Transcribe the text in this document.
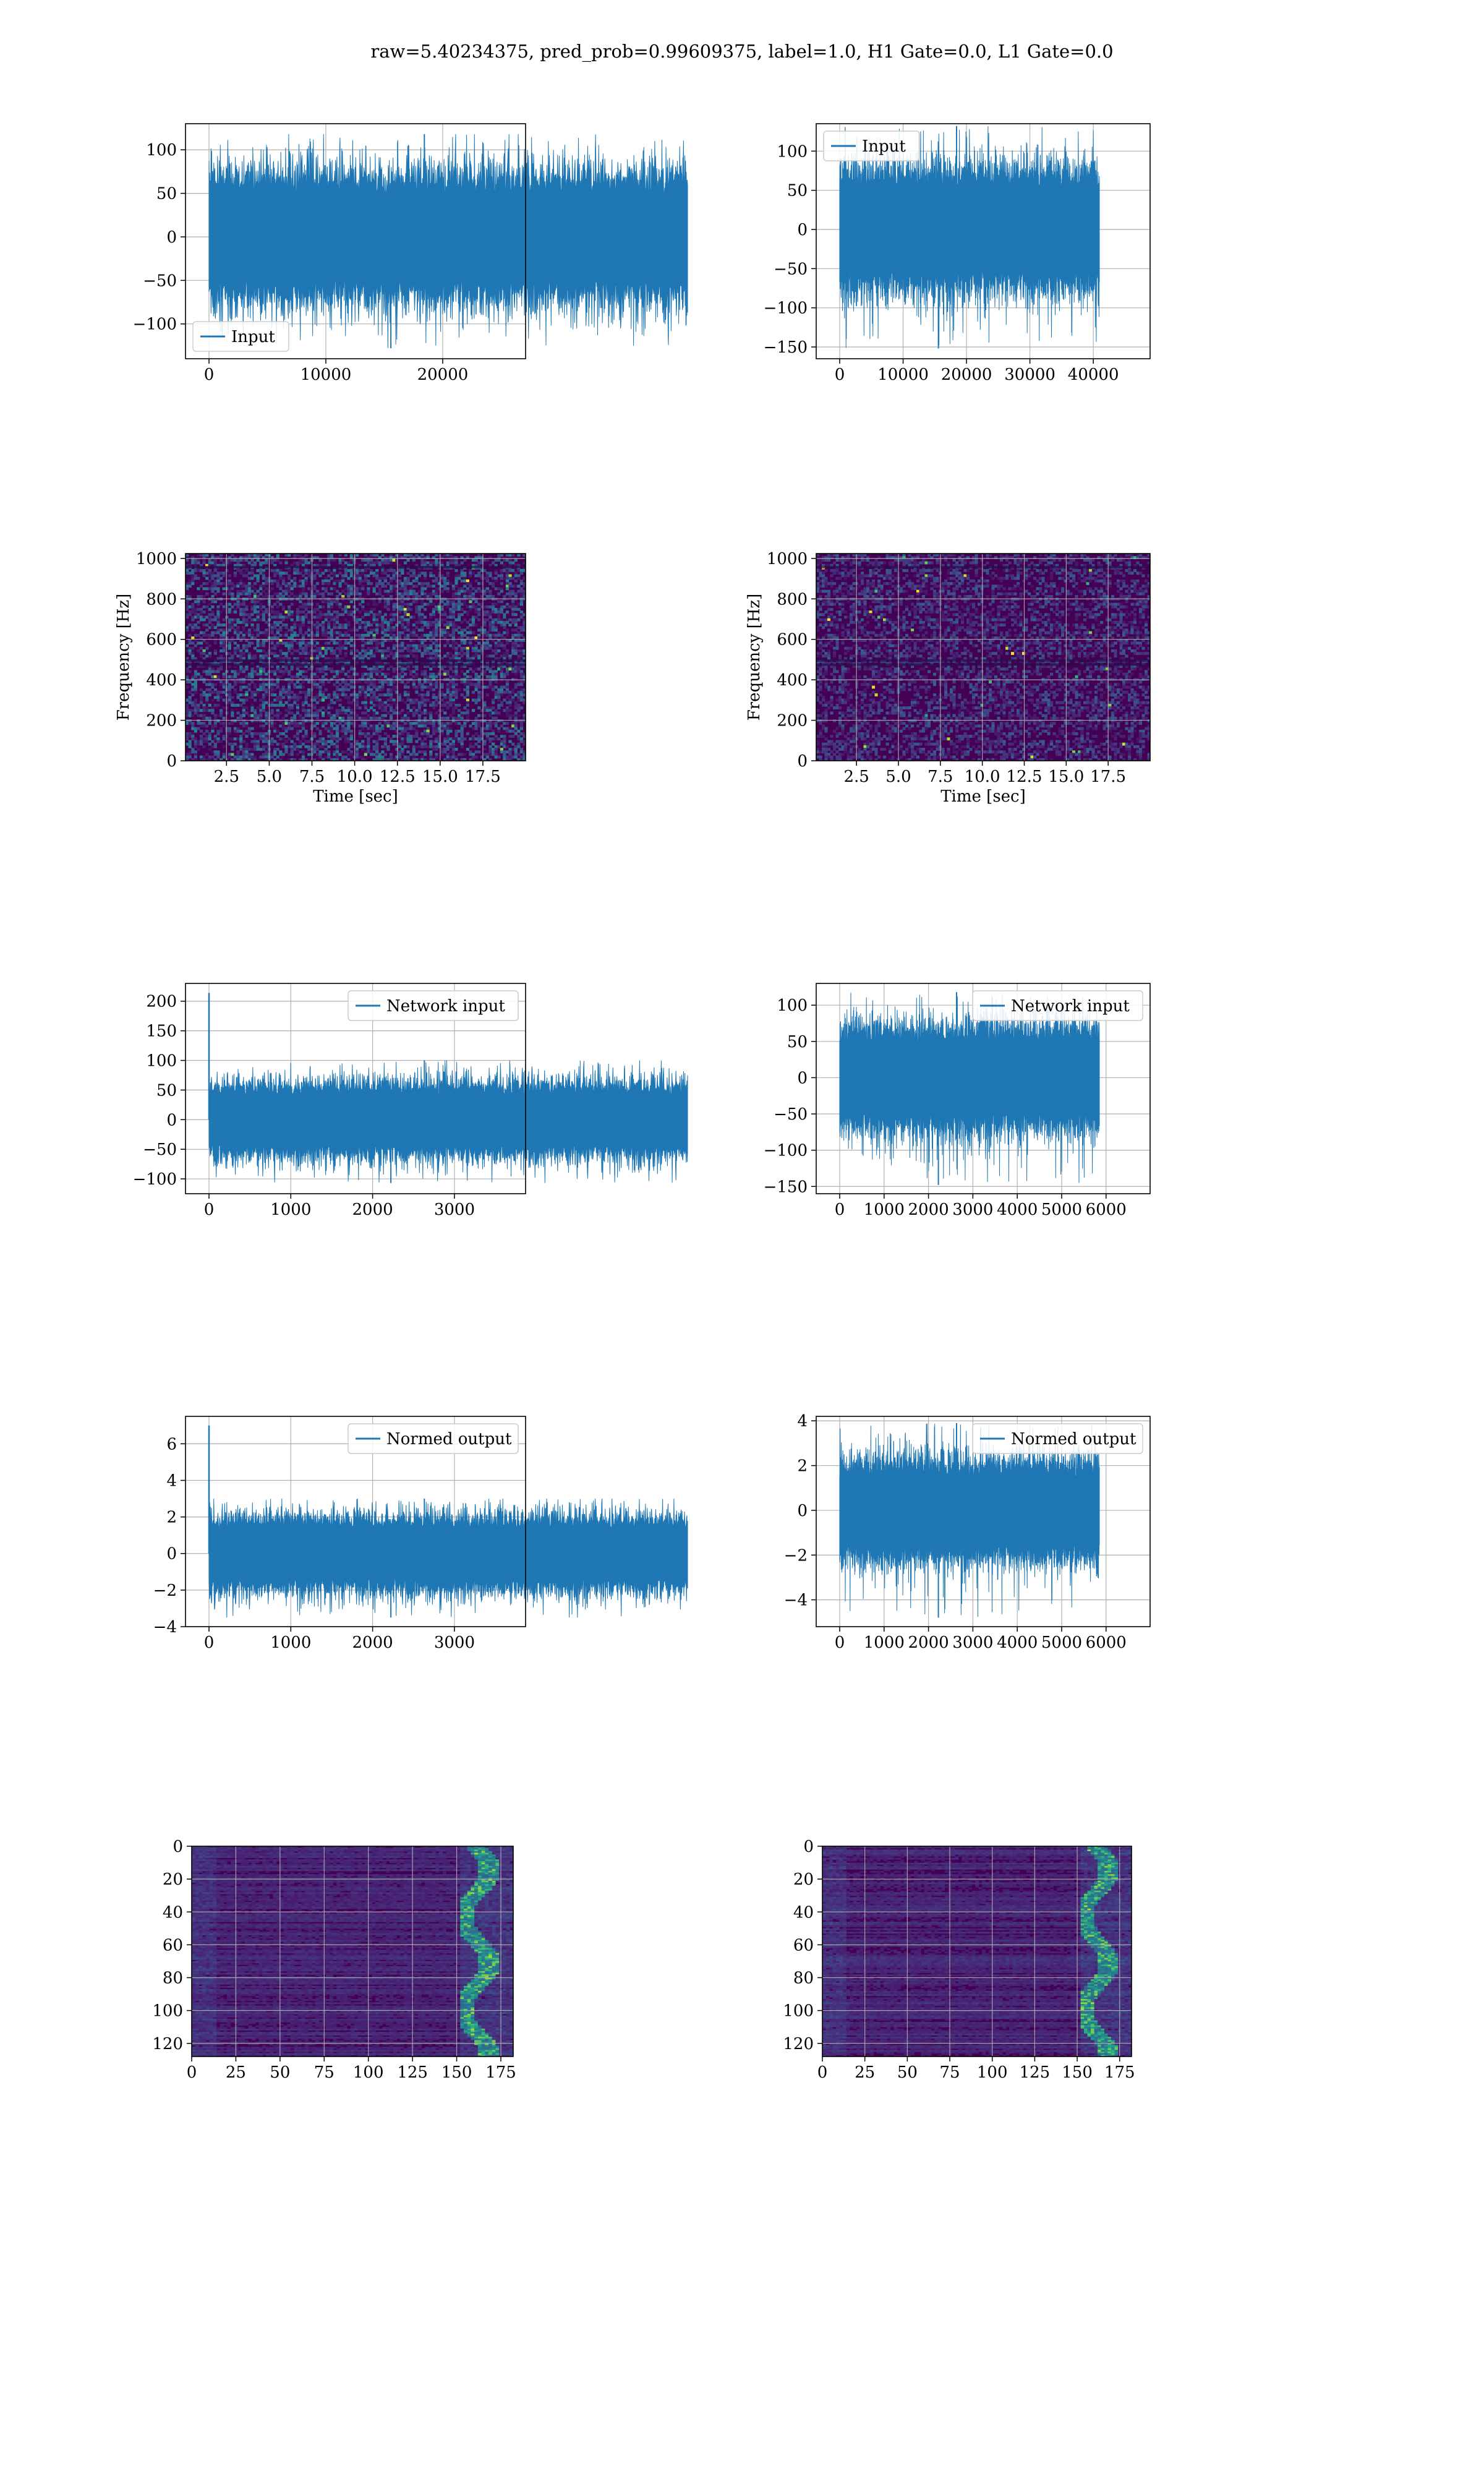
raw=5.40234375, pred_prob=0.99609375, label=1.0, H1 Gate=0.0, L1 Gate=0.0
0	10000	20000
−100
−50
0
50
100
Input
0 10000 20000 30000 40000
−150
−100
−50
0
50
100	Input
2.5 5.0 7.5 10.0 12.5 15.0 17.5
0
200
400
600
800
1000
Time [sec]
Frequency [Hz]
2.5 5.0 7.5 10.0 12.5 15.0 17.5
0
200
400
600
800
1000
Time [sec]
Frequency [Hz]
0	1000	2000	3000
−100
−50
0
50
100
150
200	Network input
0 1000 2000 3000 4000 5000 6000
−150
−100
−50
0
50
100	Network input
0	1000	2000	3000
−4
−2
0
2
4
6	Normed output
0 1000 2000 3000 4000 5000 6000
−4
−2
0
2
4
Normed output
0 25 50 75 100 125 150 175
0
20
40
60
80
100
120
0 25 50 75 100 125 150 175
0
20
40
60
80
100
120
